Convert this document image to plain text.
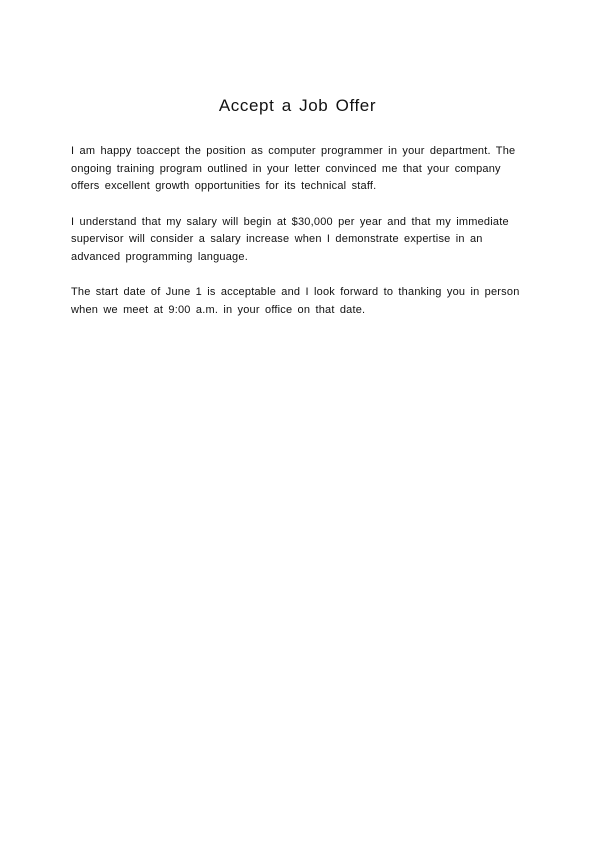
Accept a Job Offer

I am happy toaccept the position as computer programmer in your department. The ongoing training program outlined in your letter convinced me that your company offers excellent growth opportunities for its technical staff.

I understand that my salary will begin at $30,000 per year and that my immediate supervisor will consider a salary increase when I demonstrate expertise in an advanced programming language.

The start date of June 1 is acceptable and I look forward to thanking you in person when we meet at 9:00 a.m. in your office on that date.
